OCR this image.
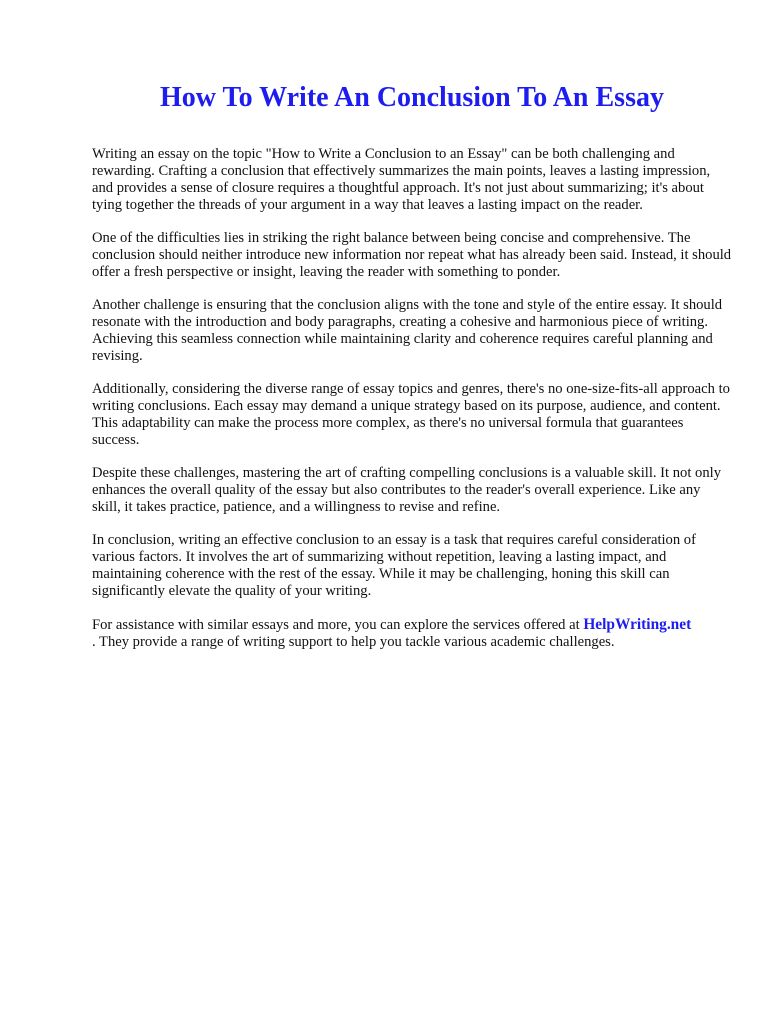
How To Write An Conclusion To An Essay

Writing an essay on the topic "How to Write a Conclusion to an Essay" can be both challenging and rewarding. Crafting a conclusion that effectively summarizes the main points, leaves a lasting impression, and provides a sense of closure requires a thoughtful approach. It's not just about summarizing; it's about tying together the threads of your argument in a way that leaves a lasting impact on the reader.

One of the difficulties lies in striking the right balance between being concise and comprehensive. The conclusion should neither introduce new information nor repeat what has already been said. Instead, it should offer a fresh perspective or insight, leaving the reader with something to ponder.

Another challenge is ensuring that the conclusion aligns with the tone and style of the entire essay. It should resonate with the introduction and body paragraphs, creating a cohesive and harmonious piece of writing. Achieving this seamless connection while maintaining clarity and coherence requires careful planning and revising.

Additionally, considering the diverse range of essay topics and genres, there's no one-size-fits-all approach to writing conclusions. Each essay may demand a unique strategy based on its purpose, audience, and content. This adaptability can make the process more complex, as there's no universal formula that guarantees success.

Despite these challenges, mastering the art of crafting compelling conclusions is a valuable skill. It not only enhances the overall quality of the essay but also contributes to the reader's overall experience. Like any skill, it takes practice, patience, and a willingness to revise and refine.

In conclusion, writing an effective conclusion to an essay is a task that requires careful consideration of various factors. It involves the art of summarizing without repetition, leaving a lasting impact, and maintaining coherence with the rest of the essay. While it may be challenging, honing this skill can significantly elevate the quality of your writing.

For assistance with similar essays and more, you can explore the services offered at HelpWriting.net
. They provide a range of writing support to help you tackle various academic challenges.
